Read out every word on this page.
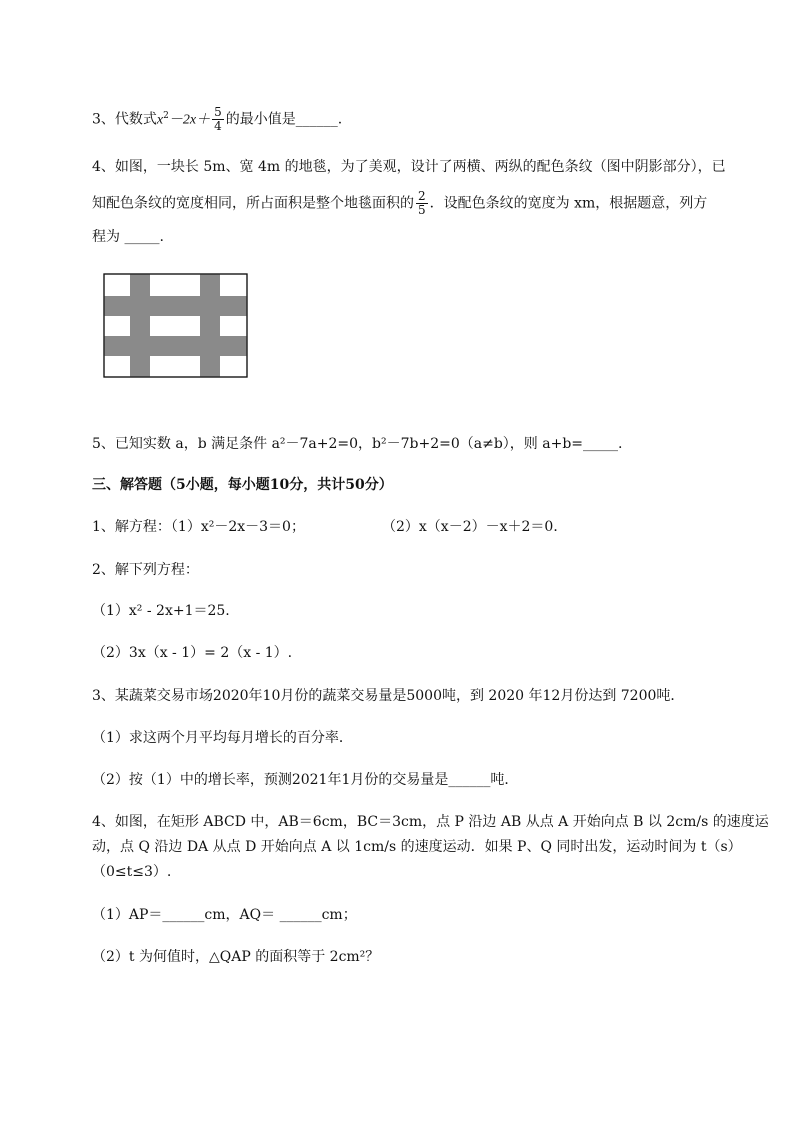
3、代数式$x^2-2x+ \frac{5}{4}$ 的最小值是______.
4、如图，一块长 5m、宽 4m 的地毯，为了美观，设计了两横、两纵的配色条纹（图中阴影部分），已
知配色条纹的宽度相同，所占面积是整个地毯面积的 $\frac{2}{5}$ ．设配色条纹的宽度为 xm，根据题意，列方
程为 _____.
5、已知实数 a，b 满足条件 a²－7a+2=0，b²－7b+2=0（a≠b），则 a+b=_____.
三、解答题（5小题，每小题10分，共计50分）
1、解方程：（1）x²－2x－3＝0；	（2）x（x－2）－x＋2＝0．
2、解下列方程：
（1）x² - 2x+1＝25.
（2）3x（x - 1）= 2（x - 1）.
3、某蔬菜交易市场2020年10月份的蔬菜交易量是5000吨，到 2020 年12月份达到 7200吨．
（1）求这两个月平均每月增长的百分率．
（2）按（1）中的增长率，预测2021年1月份的交易量是______吨．
4、如图，在矩形 ABCD 中，AB＝6cm，BC＝3cm，点 P 沿边 AB 从点 A 开始向点 B 以 2cm/s 的速度运
动，点 Q 沿边 DA 从点 D 开始向点 A 以 1cm/s 的速度运动．如果 P、Q 同时出发，运动时间为 t（s）
（0≤t≤3）.
（1）AP＝______cm，AQ＝ ______cm；
（2）t 为何值时，△QAP 的面积等于 2cm²？
